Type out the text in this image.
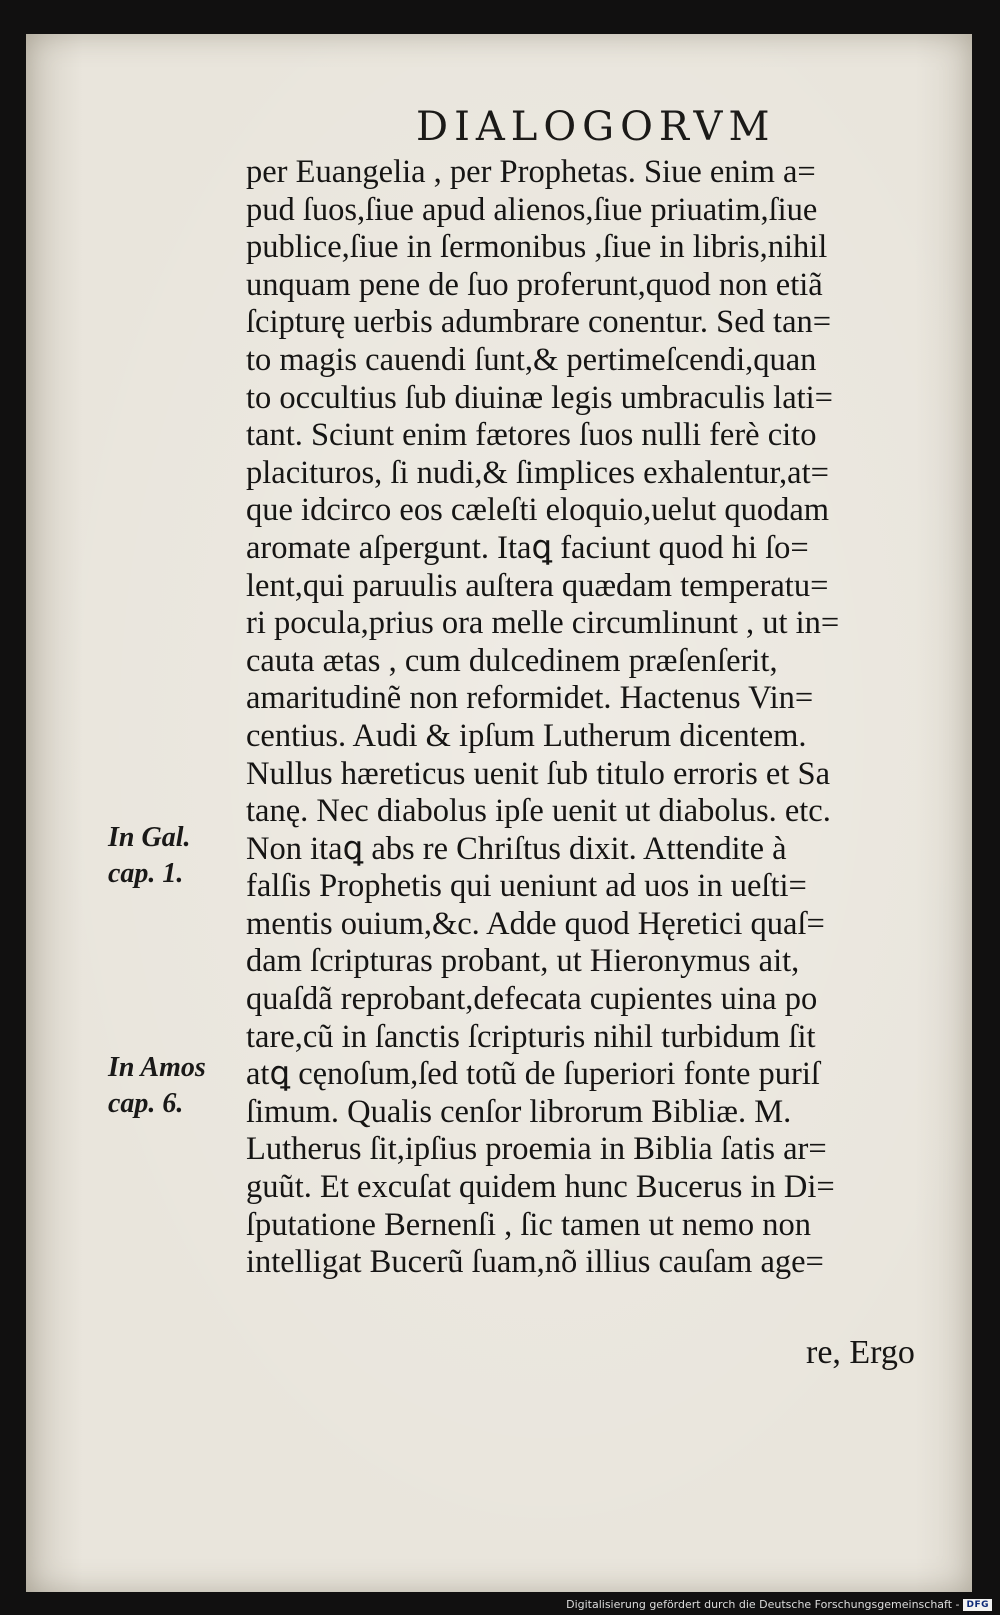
DIALOGORVM
In Gal.
cap. 1.
In Amos
cap. 6.
per Euangelia , per Prophetas. Siue enim a=
pud ſuos,ſiue apud alienos,ſiue priuatim,ſiue
publice,ſiue in ſermonibus ,ſiue in libris,nihil
unquam pene de ſuo proferunt,quod non etiã
ſcipturę uerbis adumbrare conentur. Sed tan=
to magis cauendi ſunt,& pertimeſcendi,quan
to occultius ſub diuinæ legis umbraculis lati=
tant. Sciunt enim fætores ſuos nulli ferè cito
placituros, ſi nudi,& ſimplices exhalentur,at=
que idcirco eos cæleſti eloquio,uelut quodam
aromate aſpergunt. Itaꝗ faciunt quod hi ſo=
lent,qui paruulis auſtera quædam temperatu=
ri pocula,prius ora melle circumlinunt , ut in=
cauta ætas , cum dulcedinem præſenſerit,
amaritudinẽ non reformidet. Hactenus Vin=
centius. Audi & ipſum Lutherum dicentem.
Nullus hæreticus uenit ſub titulo erroris et Sa
tanę. Nec diabolus ipſe uenit ut diabolus. etc.
Non itaꝗ abs re Chriſtus dixit. Attendite à
falſis Prophetis qui ueniunt ad uos in ueſti=
mentis ouium,&c. Adde quod Hęretici quaſ=
dam ſcripturas probant, ut Hieronymus ait,
quaſdã reprobant,defecata cupientes uina po
tare,cũ in ſanctis ſcripturis nihil turbidum ſit
atꝗ cęnoſum,ſed totũ de ſuperiori fonte puriſ
ſimum. Qualis cenſor librorum Bibliæ. M.
Lutherus ſit,ipſius proemia in Biblia ſatis ar=
guũt. Et excuſat quidem hunc Bucerus in Di=
ſputatione Bernenſi , ſic tamen ut nemo non
intelligat Bucerũ ſuam,nõ illius cauſam age=
re, Ergo
Digitalisierung gefördert durch die Deutsche Forschungsgemeinschaft - DFG
